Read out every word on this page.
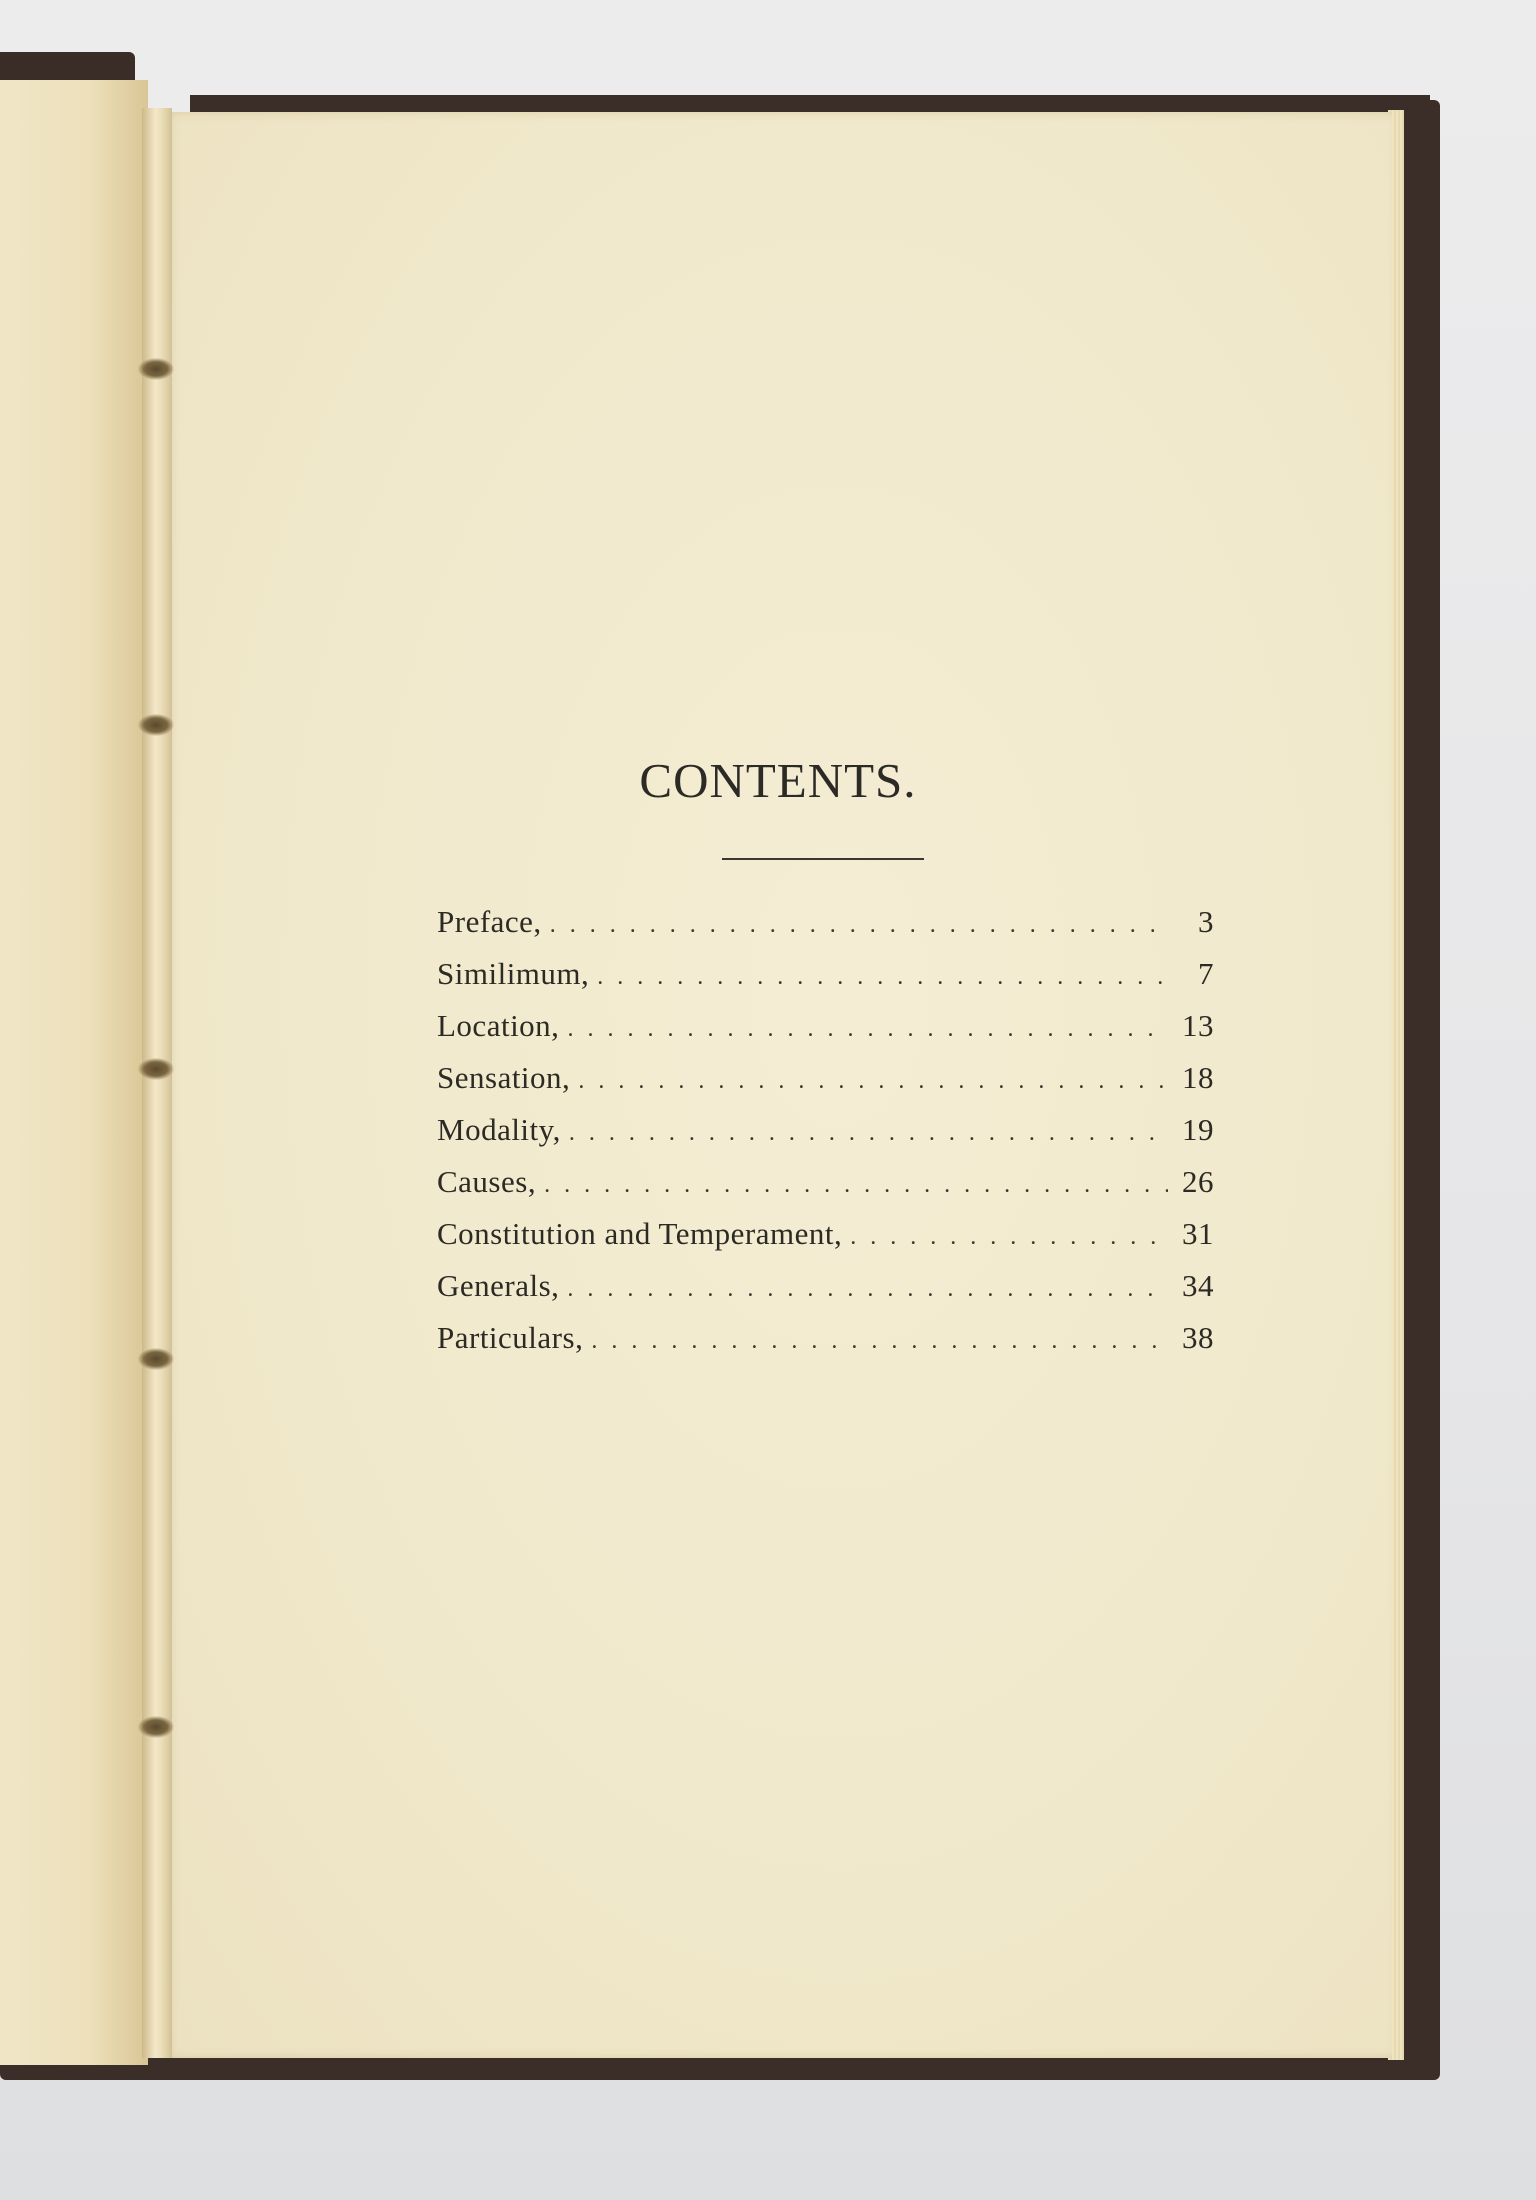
CONTENTS.
Preface, . . .	3
Similimum, . . .	7
Location, . . .	13
Sensation, . . .	18
Modality, . . .	19
Causes, . . .	26
Constitution and Temperament, . . .	31
Generals, . . .	34
Particulars, . . .	38
